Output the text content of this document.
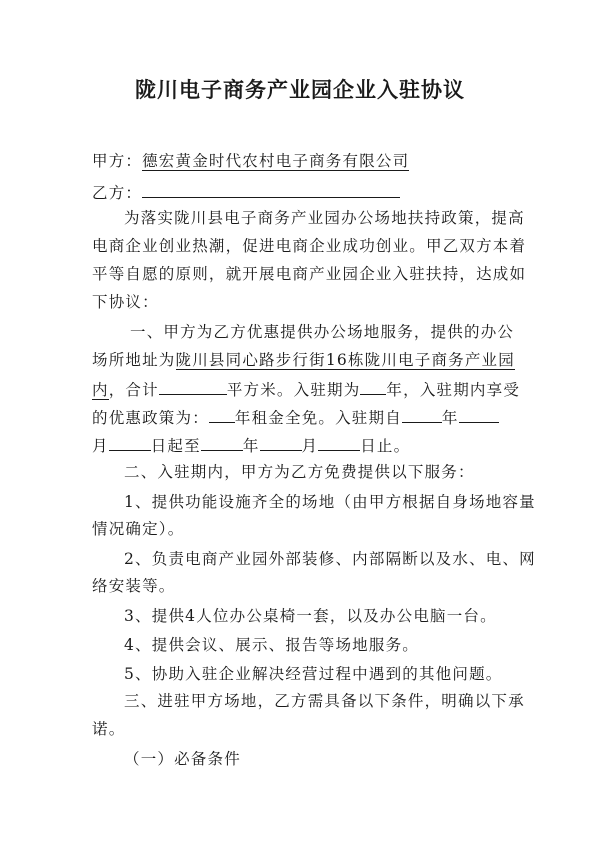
陇川电子商务产业园企业入驻协议
甲方：德宏黄金时代农村电子商务有限公司
乙方：
为落实陇川县电子商务产业园办公场地扶持政策，提高
电商企业创业热潮，促进电商企业成功创业。甲乙双方本着
平等自愿的原则，就开展电商产业园企业入驻扶持，达成如
下协议：
一、甲方为乙方优惠提供办公场地服务，提供的办公
场所地址为陇川县同心路步行街16栋陇川电子商务产业园
内，合计	平方米。入驻期为 年，入驻期内享受
的优惠政策为： 年租金全免。入驻期自	年
月	日起至	年	月	日止。
二、入驻期内，甲方为乙方免费提供以下服务：
1、提供功能设施齐全的场地（由甲方根据自身场地容量
情况确定）。
2、负责电商产业园外部装修、内部隔断以及水、电、网
络安装等。
3、提供4人位办公桌椅一套，以及办公电脑一台。
4、提供会议、展示、报告等场地服务。
5、协助入驻企业解决经营过程中遇到的其他问题。
三、进驻甲方场地，乙方需具备以下条件，明确以下承
诺。
（一）必备条件
